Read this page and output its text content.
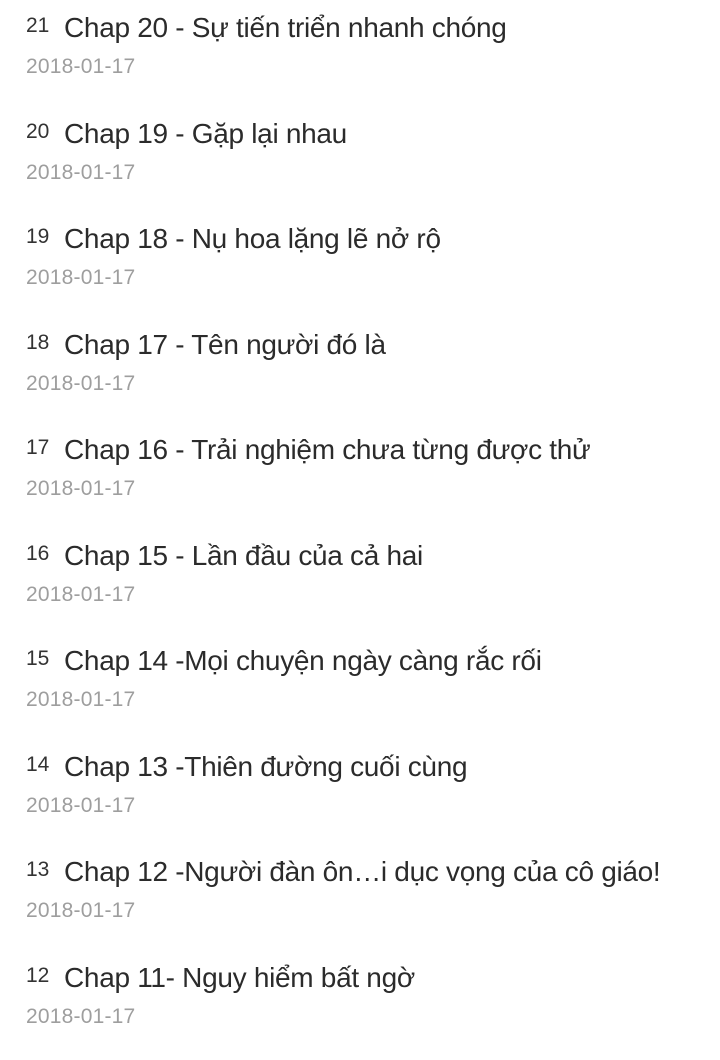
21 Chap 20 - Sự tiến triển nhanh chóng
2018-01-17
20 Chap 19 - Gặp lại nhau
2018-01-17
19 Chap 18 - Nụ hoa lặng lẽ nở rộ
2018-01-17
18 Chap 17 - Tên người đó là
2018-01-17
17 Chap 16 - Trải nghiệm chưa từng được thử
2018-01-17
16 Chap 15 - Lần đầu của cả hai
2018-01-17
15 Chap 14 -Mọi chuyện ngày càng rắc rối
2018-01-17
14 Chap 13 -Thiên đường cuối cùng
2018-01-17
13 Chap 12 -Người đàn ôn…i dục vọng của cô giáo!
2018-01-17
12 Chap 11- Nguy hiểm bất ngờ
2018-01-17
